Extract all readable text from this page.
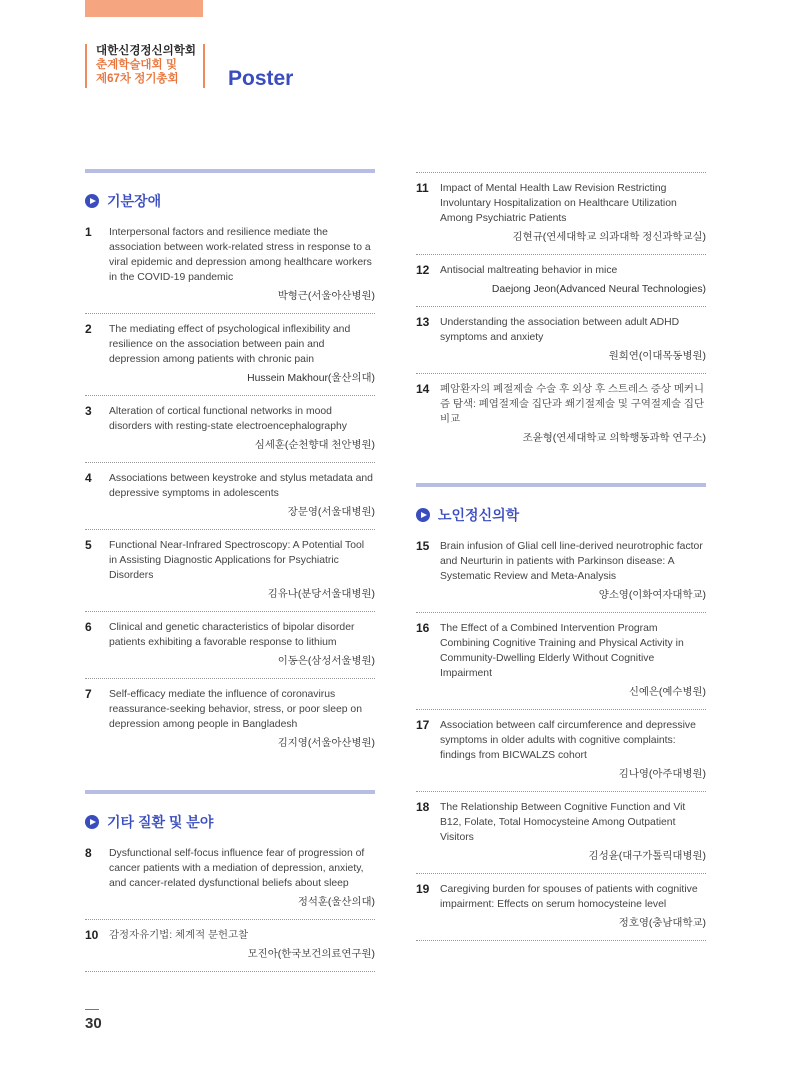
대한신경정신의학회
춘계학술대회 및
제67차 정기총회	Poster
기분장애
1	Interpersonal factors and resilience mediate the association between work-related stress in response to a viral epidemic and depression among healthcare workers in the COVID-19 pandemic
박형근(서울아산병원)
2	The mediating effect of psychological inflexibility and resilience on the association between pain and depression among patients with chronic pain
Hussein Makhour(울산의대)
3	Alteration of cortical functional networks in mood disorders with resting-state electroencephalography
심세훈(순천향대 천안병원)
4	Associations between keystroke and stylus metadata and depressive symptoms in adolescents
장문영(서울대병원)
5	Functional Near-Infrared Spectroscopy: A Potential Tool in Assisting Diagnostic Applications for Psychiatric Disorders
김유나(분당서울대병원)
6	Clinical and genetic characteristics of bipolar disorder patients exhibiting a favorable response to lithium
이동은(삼성서울병원)
7	Self-efficacy mediate the influence of coronavirus reassurance-seeking behavior, stress, or poor sleep on depression among people in Bangladesh
김지영(서울아산병원)
기타 질환 및 분야
8	Dysfunctional self-focus influence fear of progression of cancer patients with a mediation of depression, anxiety, and cancer-related dysfunctional beliefs about sleep
정석훈(울산의대)
10	감정자유기법: 체계적 문헌고찰
모진아(한국보건의료연구원)
11	Impact of Mental Health Law Revision Restricting Involuntary Hospitalization on Healthcare Utilization Among Psychiatric Patients
김현규(연세대학교 의과대학 정신과학교실)
12	Antisocial maltreating behavior in mice
Daejong Jeon(Advanced Neural Technologies)
13	Understanding the association between adult ADHD symptoms and anxiety
원희연(이대목동병원)
14	폐암환자의 폐절제술 수술 후 외상 후 스트레스 증상 메커니즘 탐색: 폐엽절제술 집단과 쐐기절제술 및 구역절제술 집단 비교
조윤형(연세대학교 의학행동과학 연구소)
노인정신의학
15	Brain infusion of Glial cell line-derived neurotrophic factor and Neurturin in patients with Parkinson disease: A Systematic Review and Meta-Analysis
양소영(이화여자대학교)
16	The Effect of a Combined Intervention Program Combining Cognitive Training and Physical Activity in Community-Dwelling Elderly Without Cognitive Impairment
신예은(예수병원)
17	Association between calf circumference and depressive symptoms in older adults with cognitive complaints: findings from BICWALZS cohort
김나영(아주대병원)
18	The Relationship Between Cognitive Function and Vit B12, Folate, Total Homocysteine Among Outpatient Visitors
김성윤(대구가톨릭대병원)
19	Caregiving burden for spouses of patients with cognitive impairment: Effects on serum homocysteine level
정호영(충남대학교)
30
